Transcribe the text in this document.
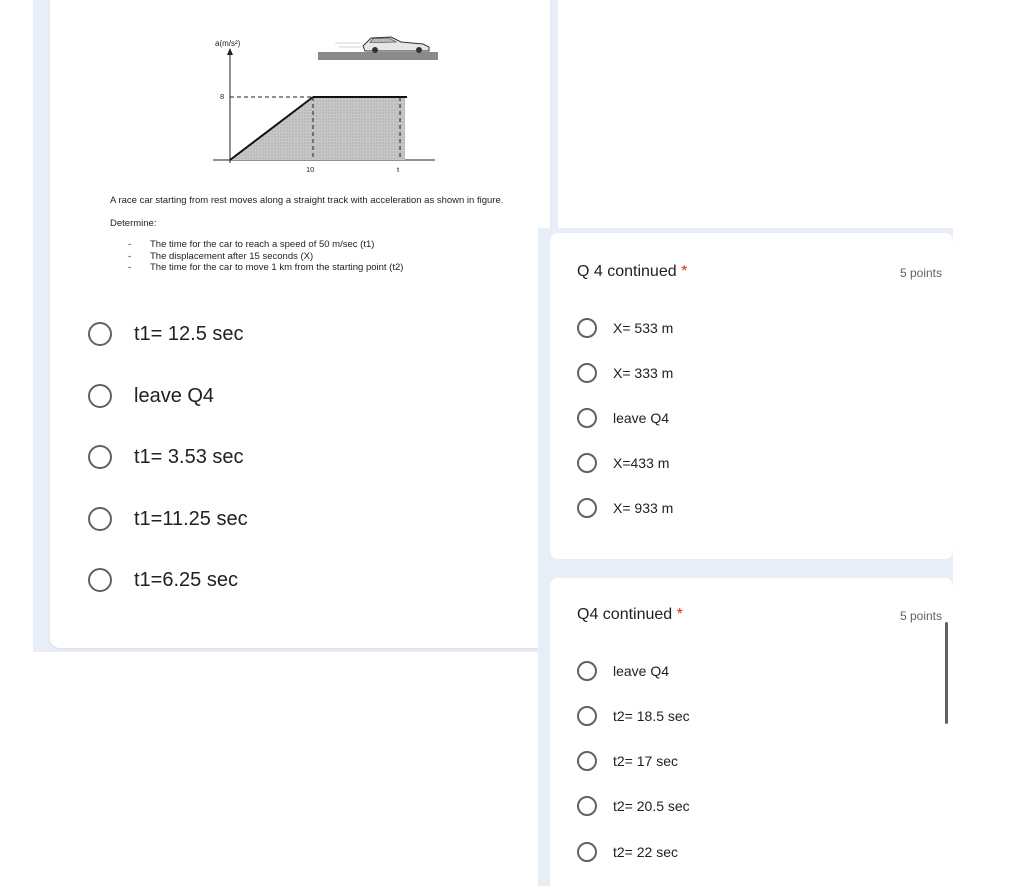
a(m/s²)
8
10	t
A race car starting from rest moves along a straight track with acceleration as shown in figure.
Determine:
- The time for the car to reach a speed of 50 m/sec (t1)
- The displacement after 15 seconds (X)
- The time for the car to move 1 km from the starting point (t2)
t1= 12.5 sec
leave Q4
t1= 3.53 sec
t1=11.25 sec
t1=6.25 sec
Q 4 continued *	5 points
X= 533 m
X= 333 m
leave Q4
X=433 m
X= 933 m
Q4 continued *	5 points
leave Q4
t2= 18.5 sec
t2= 17 sec
t2= 20.5 sec
t2= 22 sec
